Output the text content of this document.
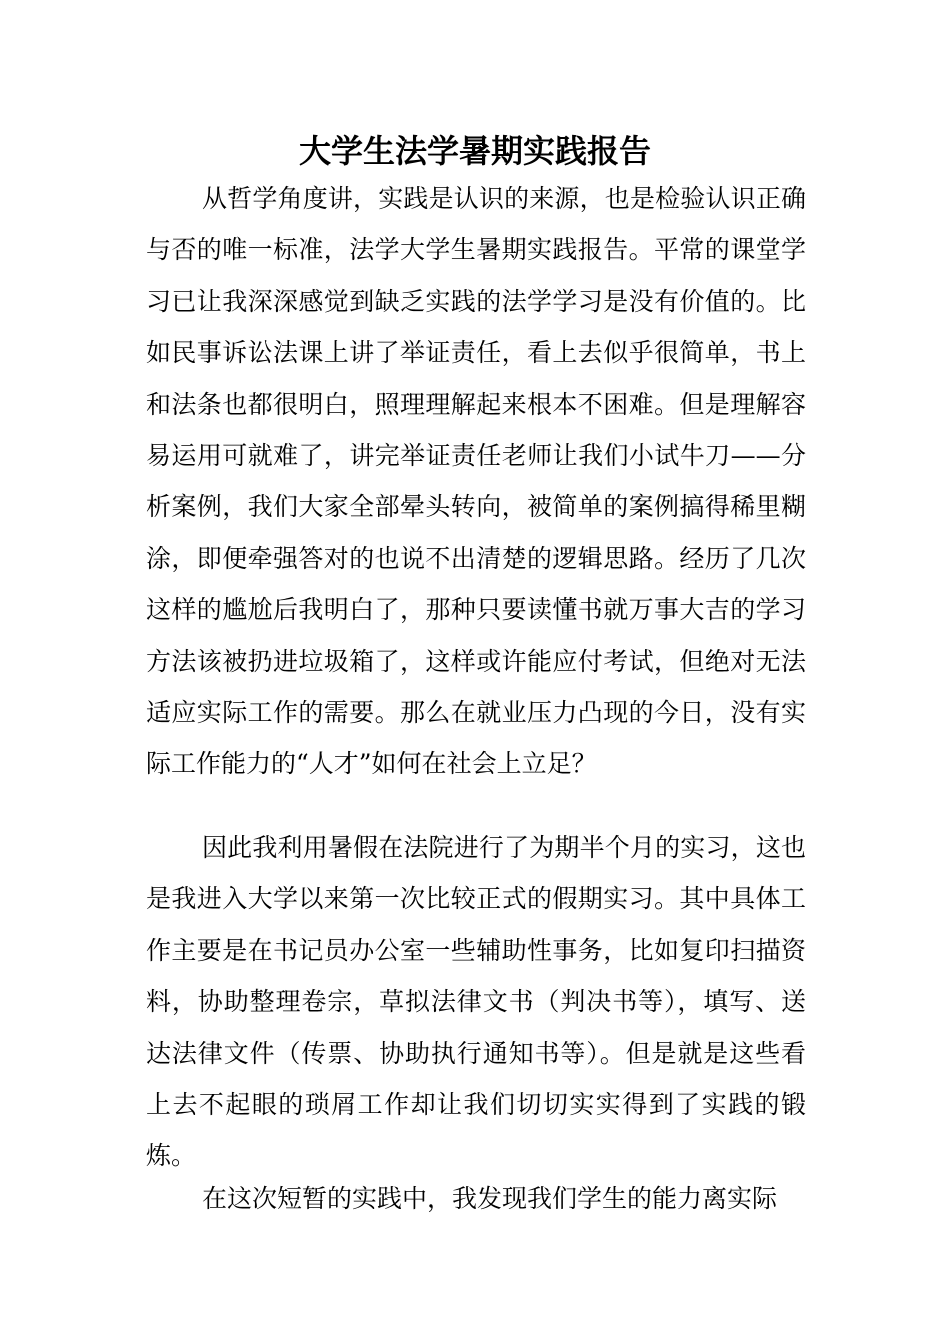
大学生法学暑期实践报告

从哲学角度讲，实践是认识的来源，也是检验认识正确与否的唯一标准，法学大学生暑期实践报告。平常的课堂学习已让我深深感觉到缺乏实践的法学学习是没有价值的。比如民事诉讼法课上讲了举证责任，看上去似乎很简单，书上和法条也都很明白，照理理解起来根本不困难。但是理解容易运用可就难了，讲完举证责任老师让我们小试牛刀——分析案例，我们大家全部晕头转向，被简单的案例搞得稀里糊涂，即便牵强答对的也说不出清楚的逻辑思路。经历了几次这样的尴尬后我明白了，那种只要读懂书就万事大吉的学习方法该被扔进垃圾箱了，这样或许能应付考试，但绝对无法适应实际工作的需要。那么在就业压力凸现的今日，没有实际工作能力的“人才”如何在社会上立足？

因此我利用暑假在法院进行了为期半个月的实习，这也是我进入大学以来第一次比较正式的假期实习。其中具体工作主要是在书记员办公室一些辅助性事务，比如复印扫描资料，协助整理卷宗，草拟法律文书（判决书等），填写、送达法律文件（传票、协助执行通知书等）。但是就是这些看上去不起眼的琐屑工作却让我们切切实实得到了实践的锻炼。

在这次短暂的实践中，我发现我们学生的能力离实际
